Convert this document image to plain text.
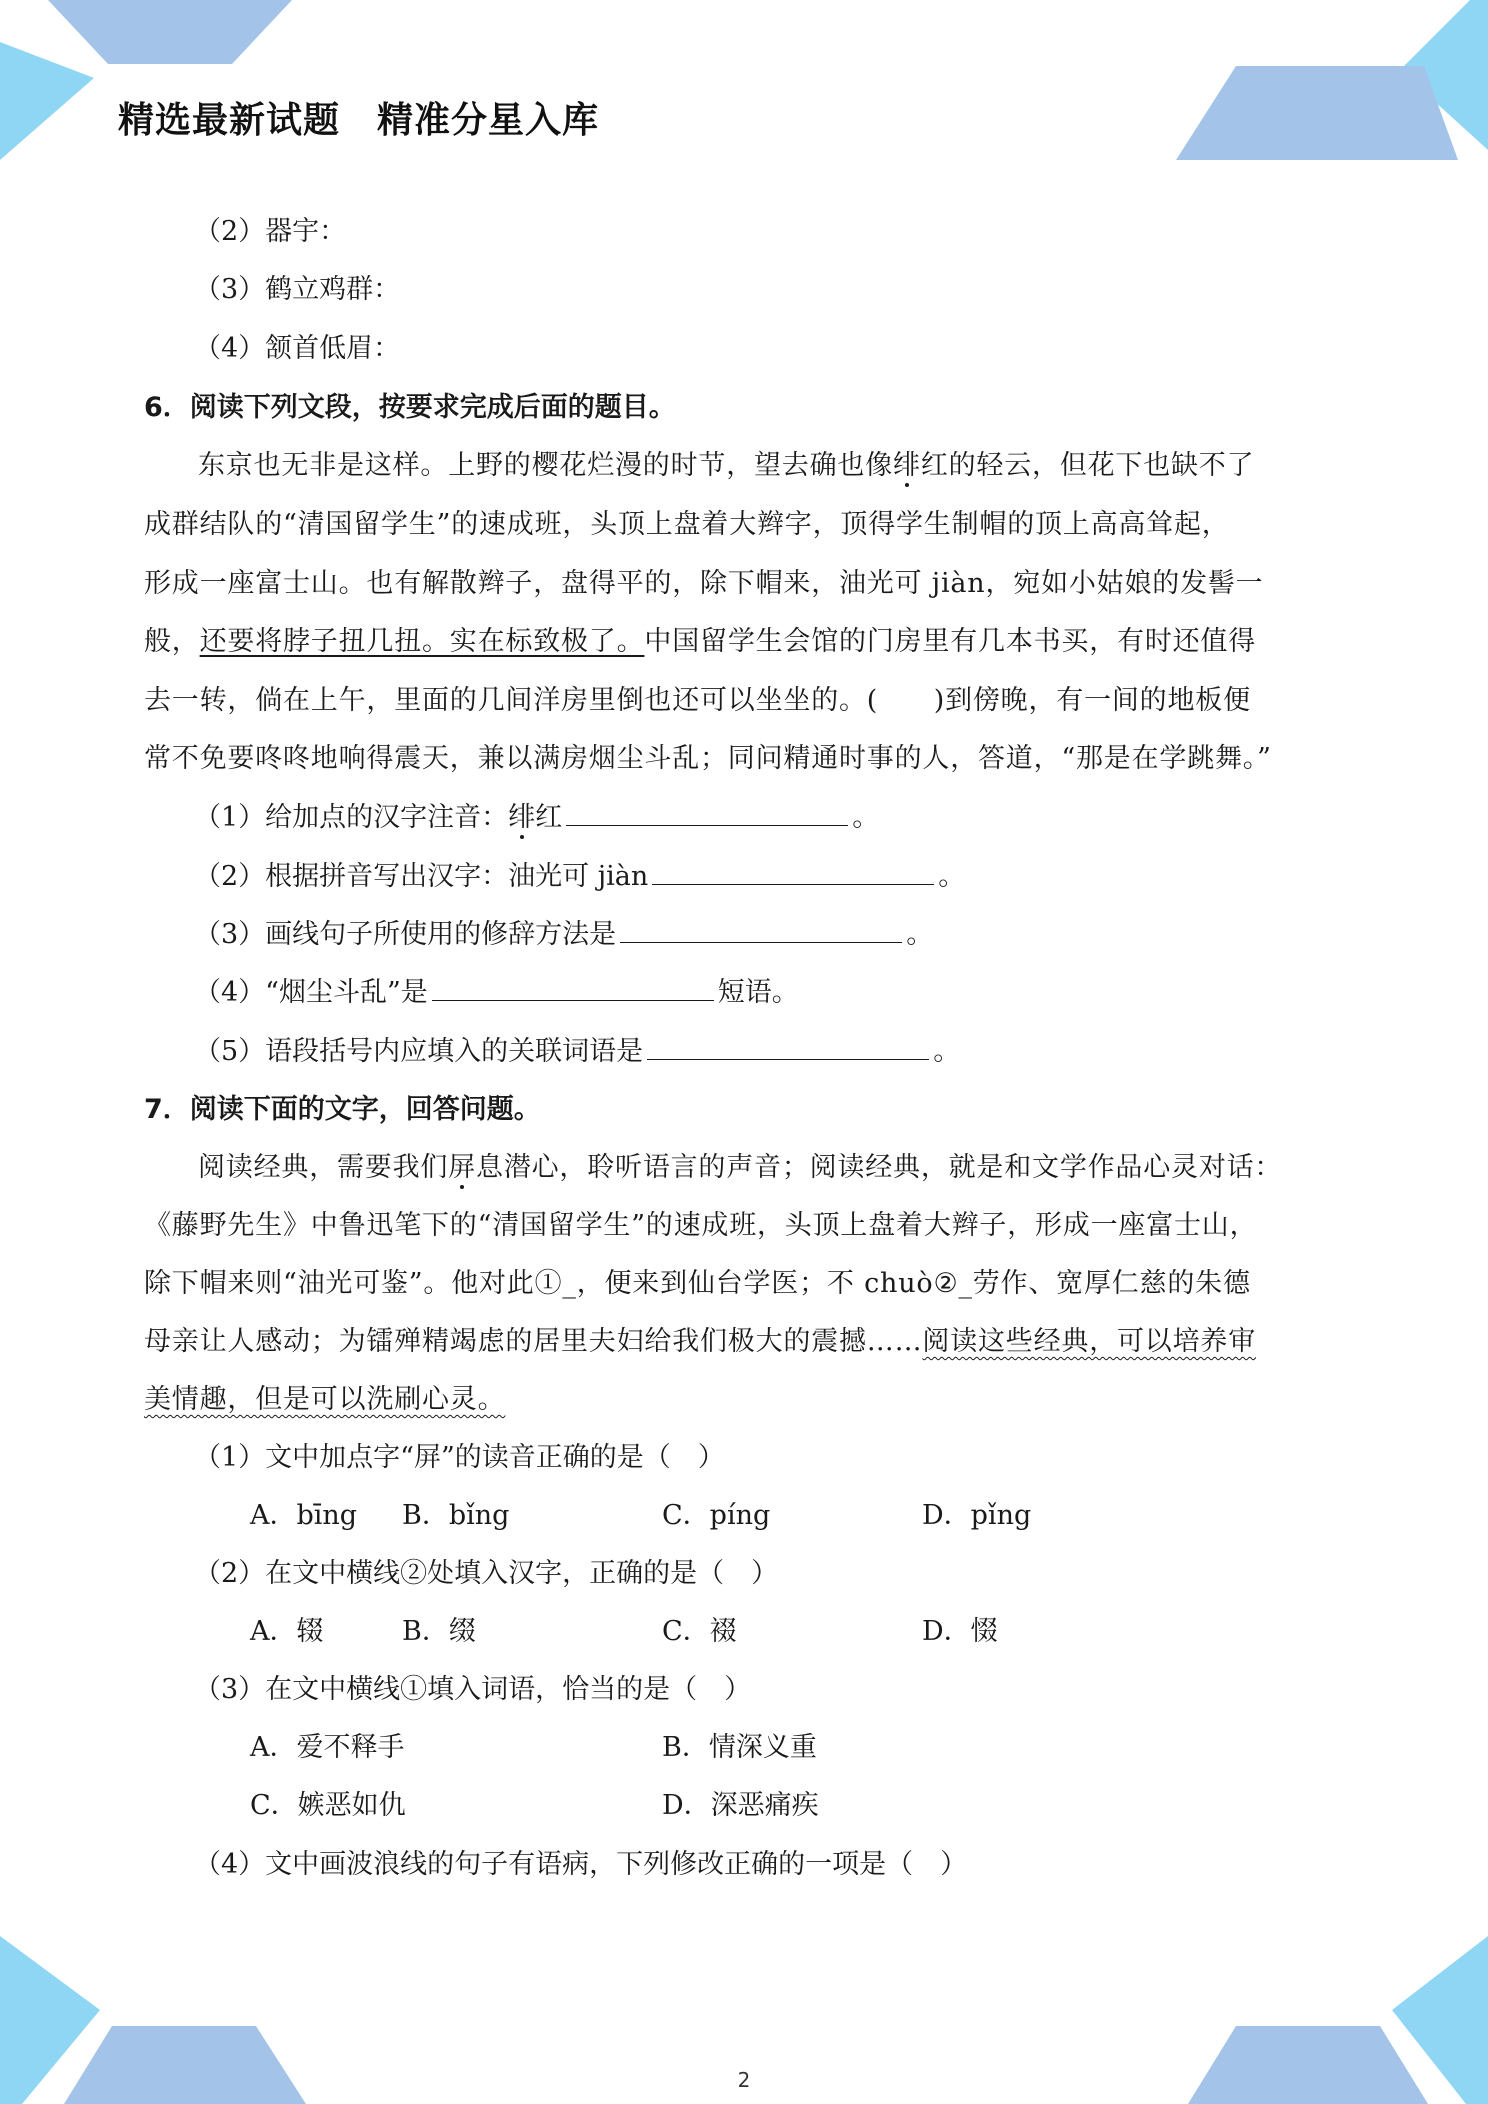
精选最新试题　精准分星入库
（2）器宇：
（3）鹤立鸡群：
（4）颔首低眉：
6．阅读下列文段，按要求完成后面的题目。
东京也无非是这样。上野的樱花烂漫的时节，望去确也像绯红的轻云，但花下也缺不了
成群结队的“清国留学生”的速成班，头顶上盘着大辫字，顶得学生制帽的顶上高高耸起，
形成一座富士山。也有解散辫子，盘得平的，除下帽来，油光可 jiàn，宛如小姑娘的发髻一
般，还要将脖子扭几扭。实在标致极了。中国留学生会馆的门房里有几本书买，有时还值得
去一转，倘在上午，里面的几间洋房里倒也还可以坐坐的。(　　)到傍晚，有一间的地板便
常不免要咚咚地响得震天，兼以满房烟尘斗乱；同问精通时事的人，答道，“那是在学跳舞。”
（1）给加点的汉字注音：绯红	。
（2）根据拼音写出汉字：油光可 jiàn	。
（3）画线句子所使用的修辞方法是	。
（4）“烟尘斗乱”是	短语。
（5）语段括号内应填入的关联词语是	。
7．阅读下面的文字，回答问题。
阅读经典，需要我们屏息潜心，聆听语言的声音；阅读经典，就是和文学作品心灵对话：
《藤野先生》中鲁迅笔下的“清国留学生”的速成班，头顶上盘着大辫子，形成一座富士山，
除下帽来则“油光可鉴”。他对此①_，便来到仙台学医；不 chuò②_劳作、宽厚仁慈的朱德
母亲让人感动；为镭殚精竭虑的居里夫妇给我们极大的震撼……阅读这些经典，可以培养审
美情趣，但是可以洗刷心灵。
（1）文中加点字“屏”的读音正确的是（　）
A．bīng B．bǐng	C．píng	D．pǐng
（2）在文中横线②处填入汉字，正确的是（　）
A．辍	B．缀	C．裰	D．惙
（3）在文中横线①填入词语，恰当的是（　）
A．爱不释手	B．情深义重
C．嫉恶如仇	D．深恶痛疾
（4）文中画波浪线的句子有语病，下列修改正确的一项是（　）
2
